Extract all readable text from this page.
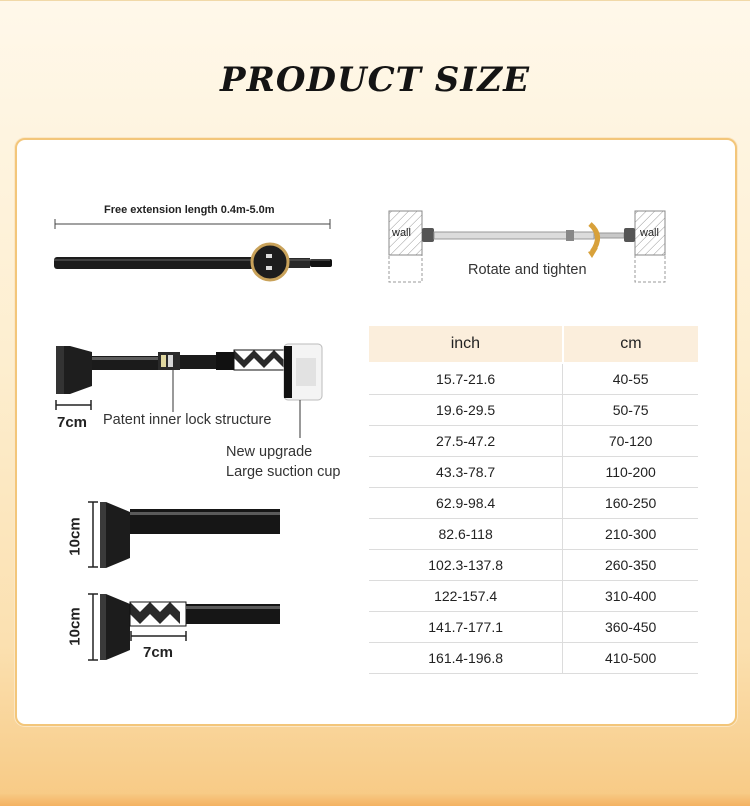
PRODUCT SIZE
Free extension length 0.4m-5.0m
wall	wall
Rotate and tighten
7cm Patent inner lock structure
New upgrade
Large suction cup
10cm
10cm
7cm
inch	cm
15.7-21.6	40-55
19.6-29.5	50-75
27.5-47.2	70-120
43.3-78.7	110-200
62.9-98.4	160-250
82.6-118	210-300
102.3-137.8	260-350
122-157.4	310-400
141.7-177.1	360-450
161.4-196.8	410-500
